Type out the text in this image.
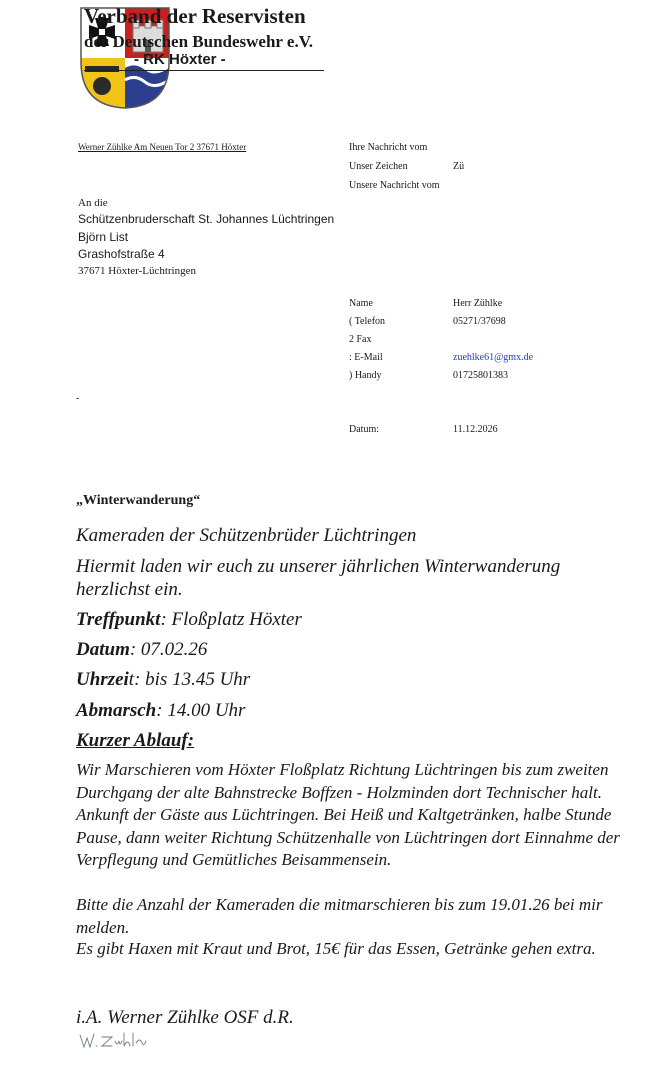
Verband der Reservisten
der Deutschen Bundeswehr e.V.
- RK Höxter -
Werner Zühlke Am Neuen Tor 2 37671 Höxter	Ihre Nachricht vom
Unser Zeichen	Zü
Unsere Nachricht vom
An die
Schützenbruderschaft St. Johannes Lüchtringen
Björn List
Grashofstraße 4
37671 Höxter-Lüchtringen
Name	Herr Zühlke
( Telefon	05271/37698
2 Fax
: E-Mail	zuehlke61@gmx.de
) Handy	01725801383
-
Datum:	11.12.2026
„Winterwanderung“
Kameraden der Schützenbrüder Lüchtringen
Hiermit laden wir euch zu unserer jährlichen Winterwanderung herzlichst ein.
Treffpunkt: Floßplatz Höxter
Datum: 07.02.26
Uhrzeit: bis 13.45 Uhr
Abmarsch: 14.00 Uhr
Kurzer Ablauf:
Wir Marschieren vom Höxter Floßplatz Richtung Lüchtringen bis zum zweiten Durchgang der alte Bahnstrecke Boffzen - Holzminden dort Technischer halt. Ankunft der Gäste aus Lüchtringen. Bei Heiß und Kaltgetränken, halbe Stunde Pause, dann weiter Richtung Schützenhalle von Lüchtringen dort Einnahme der Verpflegung und Gemütliches Beisammensein.
Bitte die Anzahl der Kameraden die mitmarschieren bis zum 19.01.26 bei mir melden.
Es gibt Haxen mit Kraut und Brot, 15€ für das Essen, Getränke gehen extra.
i.A. Werner Zühlke OSF d.R.
